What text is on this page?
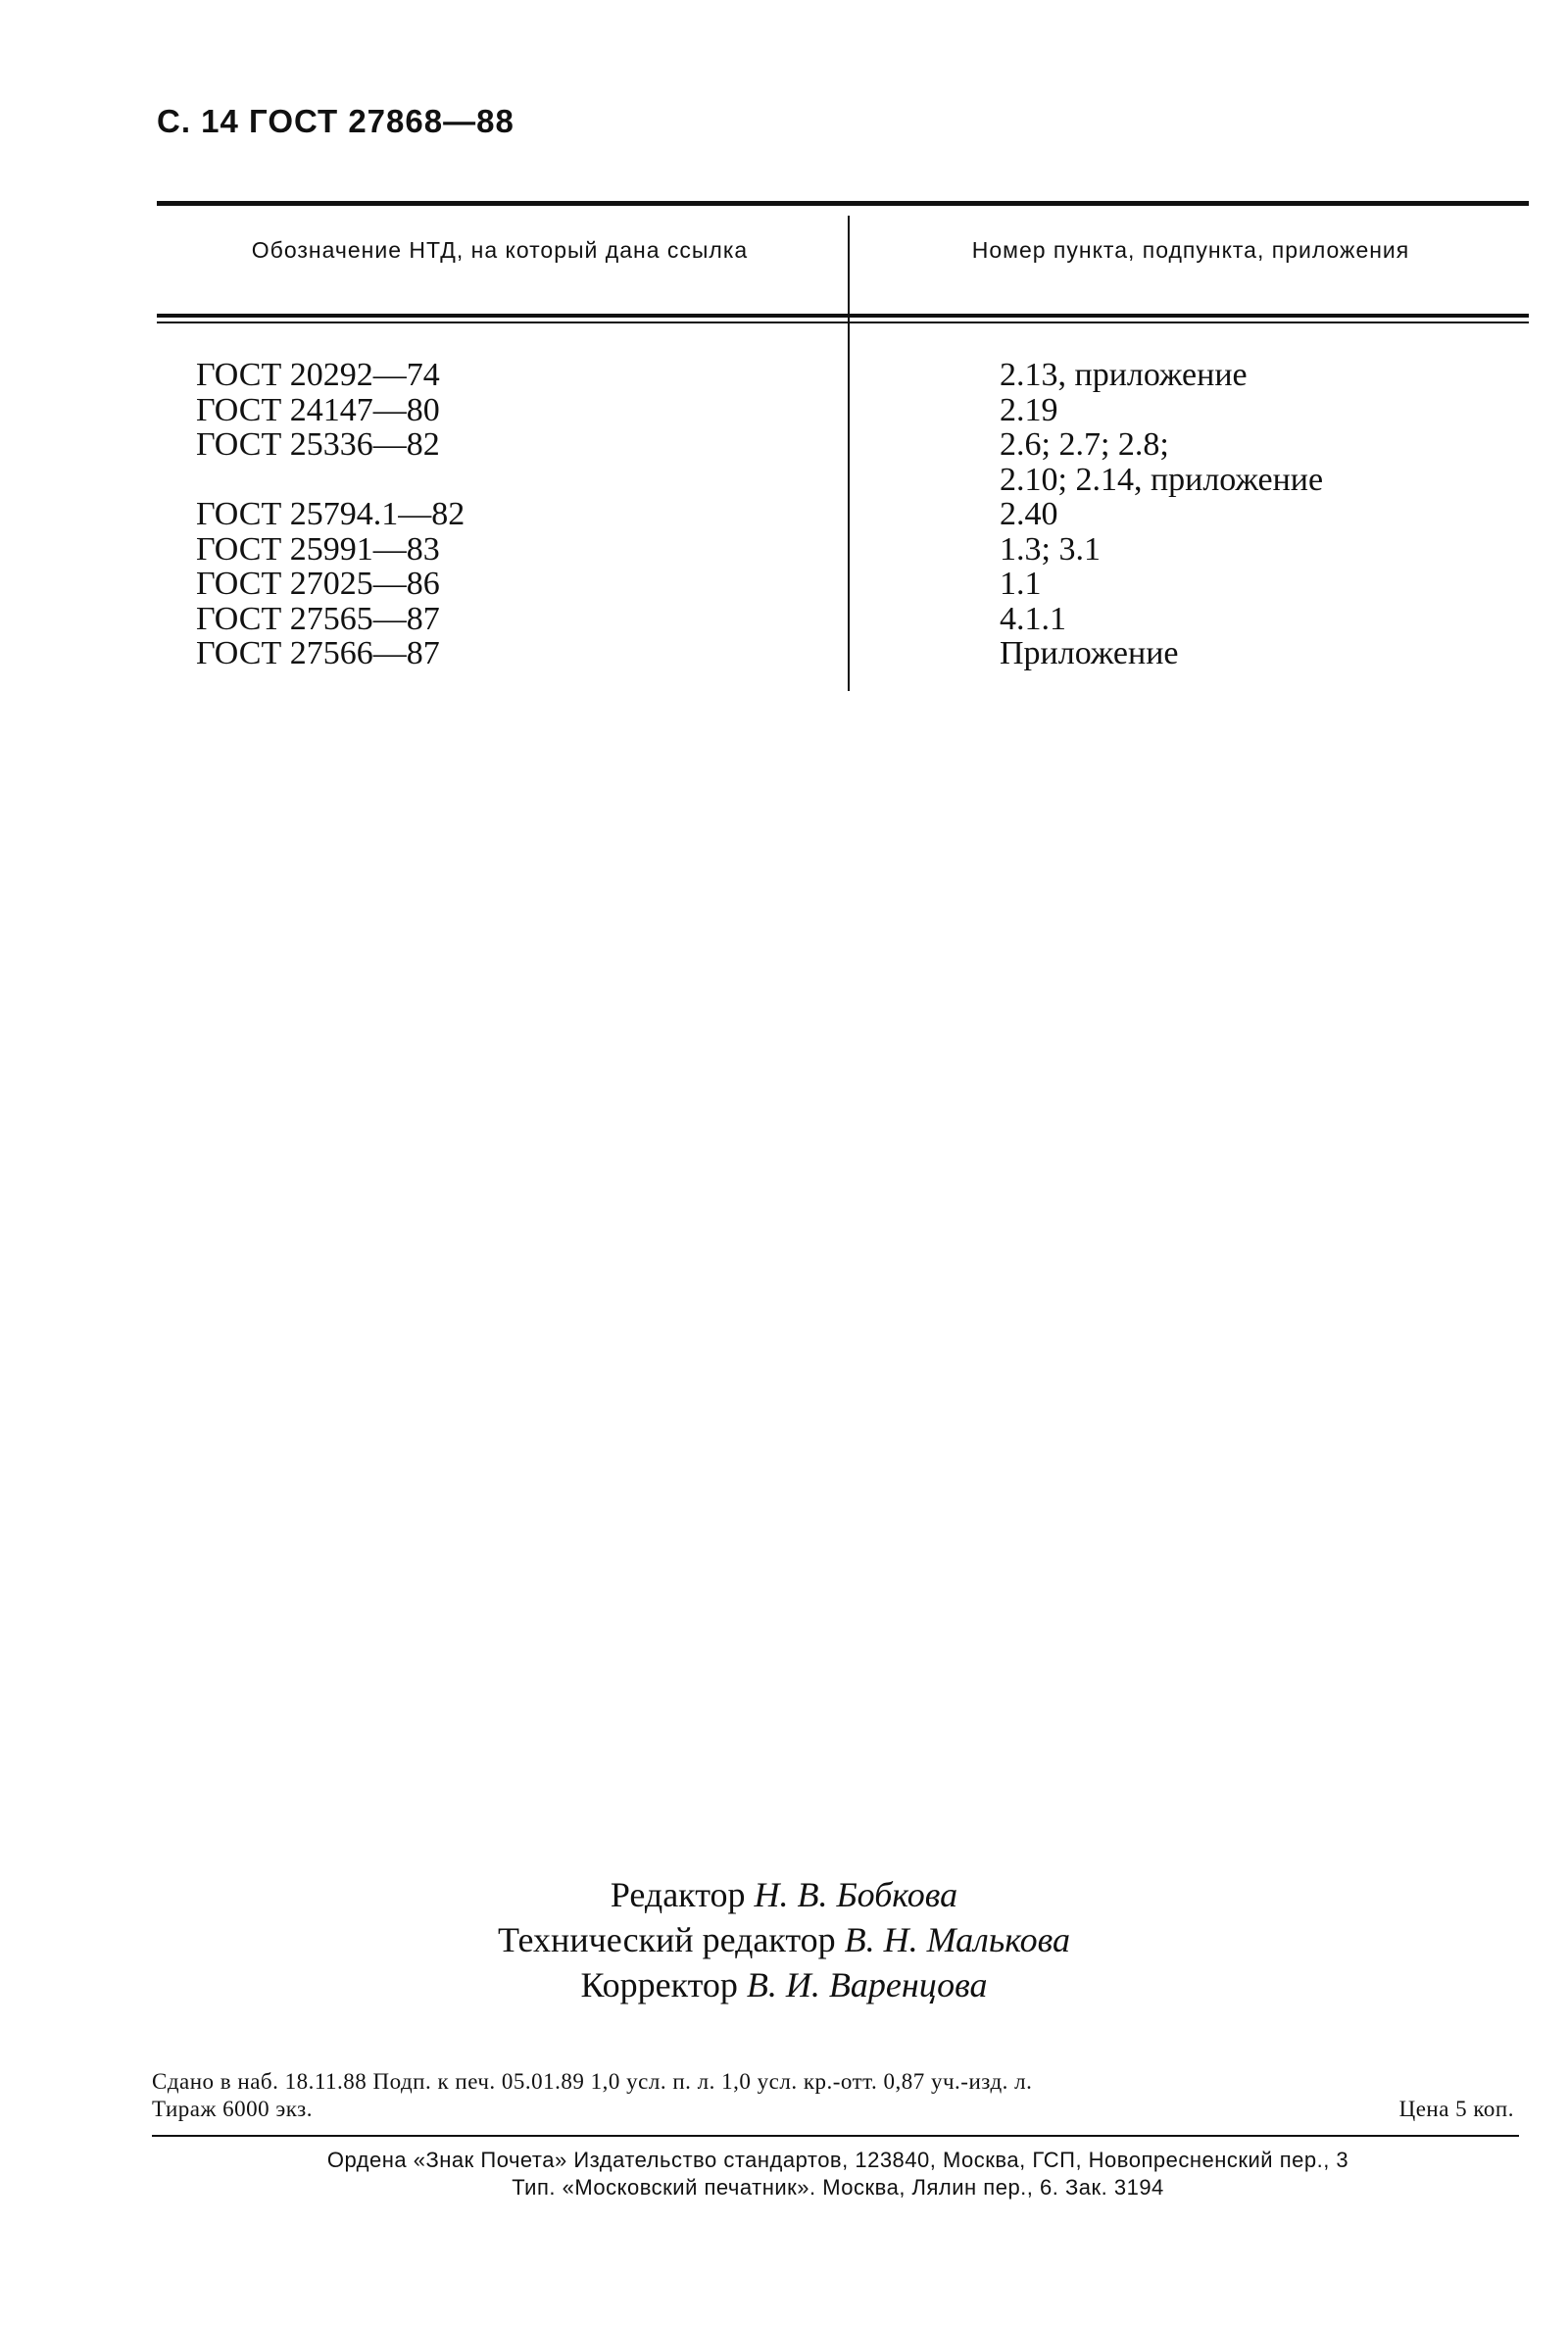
С. 14 ГОСТ 27868—88
Обозначение НТД, на который дана ссылка	Номер пункта, подпункта, приложения
ГОСТ 20292—74
ГОСТ 24147—80
ГОСТ 25336—82

ГОСТ 25794.1—82
ГОСТ 25991—83
ГОСТ 27025—86
ГОСТ 27565—87
ГОСТ 27566—87
2.13, приложение
2.19
2.6; 2.7; 2.8;
2.10; 2.14, приложение
2.40
1.3; 3.1
1.1
4.1.1
Приложение
Редактор Н. В. Бобкова
Технический редактор В. Н. Малькова
Корректор В. И. Варенцова
Сдано в наб. 18.11.88 Подп. к печ. 05.01.89 1,0 усл. п. л. 1,0 усл. кр.-отт. 0,87 уч.-изд. л.
Тираж 6000 экз.	Цена 5 коп.
Ордена «Знак Почета» Издательство стандартов, 123840, Москва, ГСП, Новопресненский пер., 3
Тип. «Московский печатник». Москва, Лялин пер., 6. Зак. 3194
